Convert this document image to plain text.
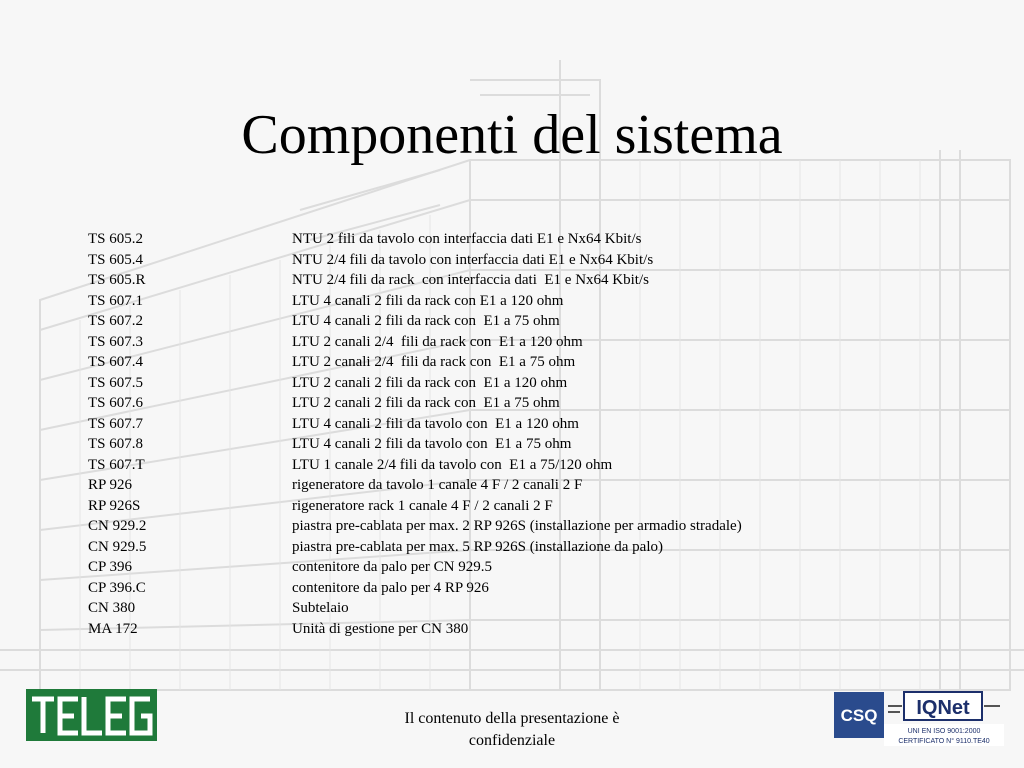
Componenti del sistema
TS 605.2	NTU 2 fili da tavolo con interfaccia dati E1 e Nx64 Kbit/s
TS 605.4	NTU 2/4 fili da tavolo con interfaccia dati E1 e Nx64 Kbit/s
TS 605.R	NTU 2/4 fili da rack  con interfaccia dati  E1 e Nx64 Kbit/s
TS 607.1	LTU 4 canali 2 fili da rack con E1 a 120 ohm
TS 607.2	LTU 4 canali 2 fili da rack con  E1 a 75 ohm
TS 607.3	LTU 2 canali 2/4  fili da rack con  E1 a 120 ohm
TS 607.4	LTU 2 canali 2/4  fili da rack con  E1 a 75 ohm
TS 607.5	LTU 2 canali 2 fili da rack con  E1 a 120 ohm
TS 607.6	LTU 2 canali 2 fili da rack con  E1 a 75 ohm
TS 607.7	LTU 4 canali 2 fili da tavolo con  E1 a 120 ohm
TS 607.8	LTU 4 canali 2 fili da tavolo con  E1 a 75 ohm
TS 607.T	LTU 1 canale 2/4 fili da tavolo con  E1 a 75/120 ohm
RP 926	rigeneratore da tavolo 1 canale 4 F / 2 canali 2 F
RP 926S	rigeneratore rack 1 canale 4 F / 2 canali 2 F
CN 929.2	piastra pre-cablata per max. 2 RP 926S (installazione per armadio stradale)
CN 929.5	piastra pre-cablata per max. 5 RP 926S (installazione da palo)
CP 396	contenitore da palo per CN 929.5
CP 396.C	contenitore da palo per 4 RP 926
CN 380	Subtelaio
MA 172	Unità di gestione per CN 380
Il contenuto della presentazione è
confidenziale
CSQ IQNet
UNI EN ISO 9001:2000
CERTIFICATO N° 9110.TE40
